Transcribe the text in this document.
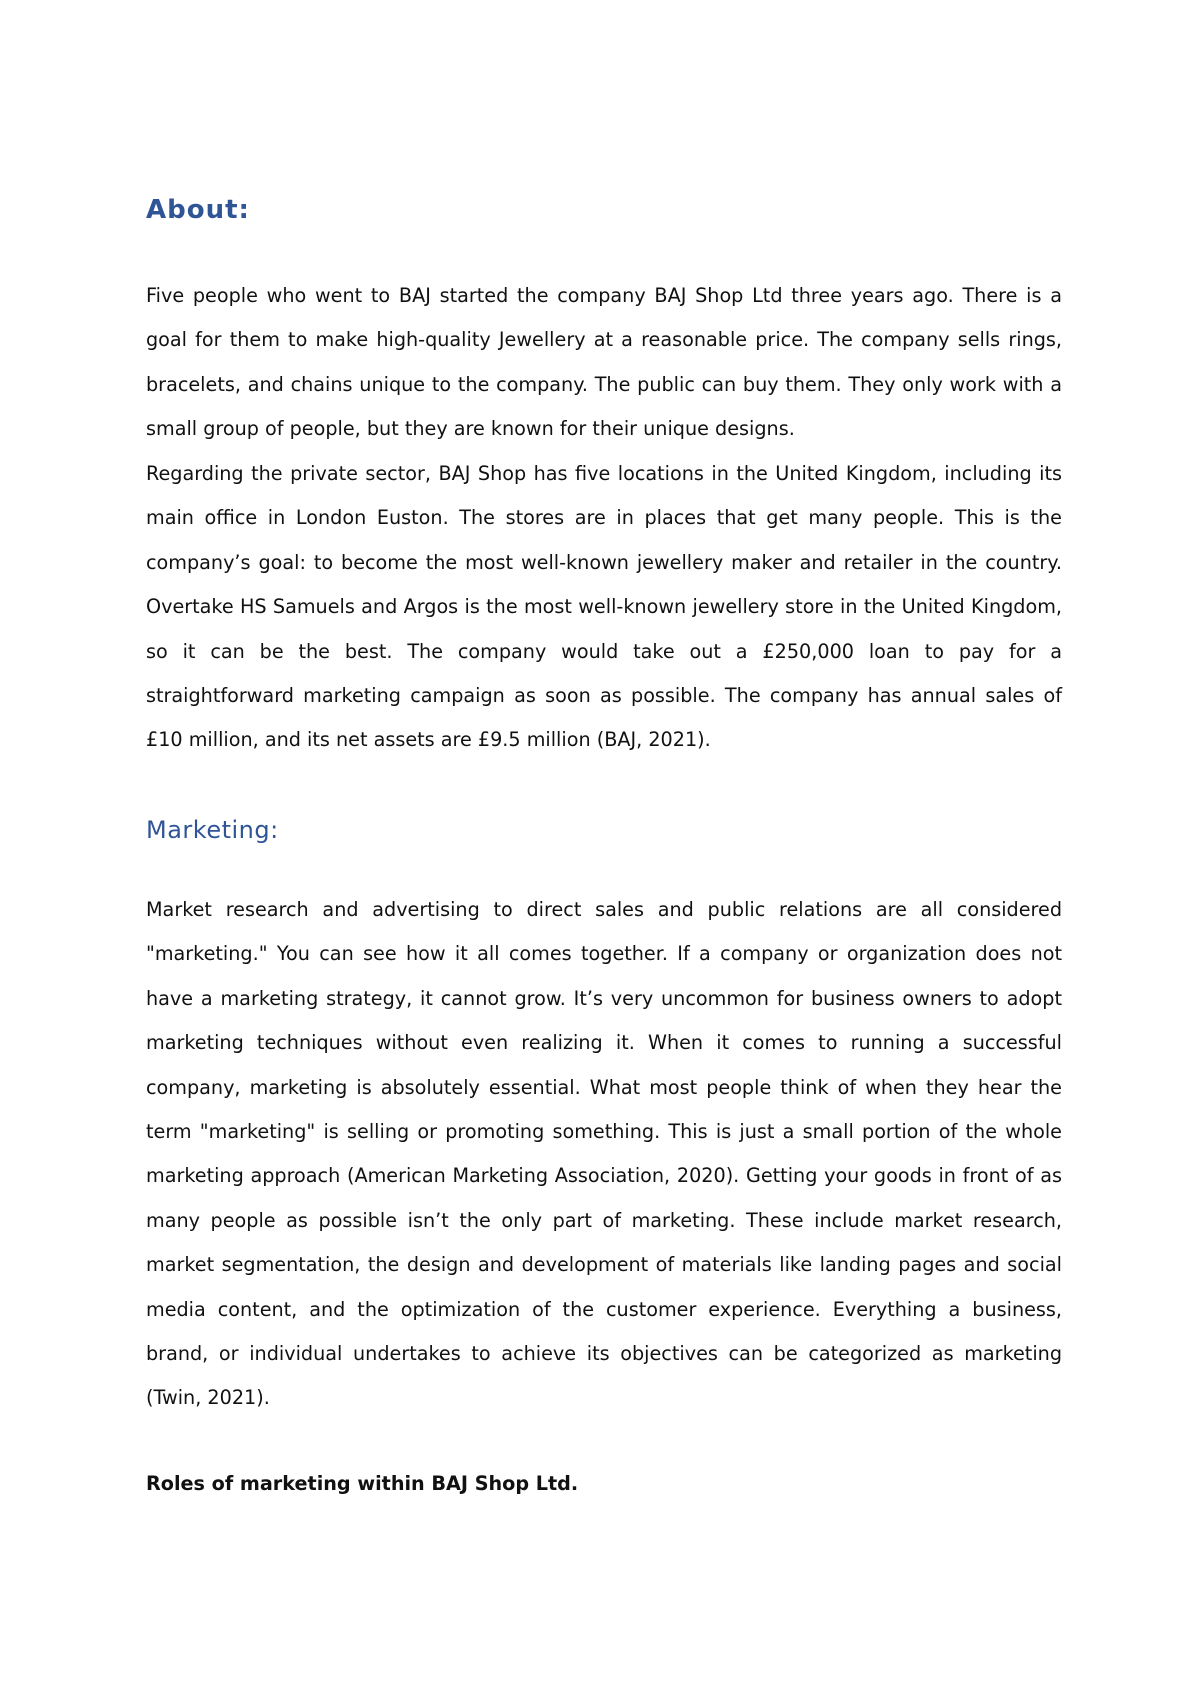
About:

Five people who went to BAJ started the company BAJ Shop Ltd three years ago. There is a goal for them to make high-quality Jewellery at a reasonable price. The company sells rings, bracelets, and chains unique to the company. The public can buy them. They only work with a small group of people, but they are known for their unique designs.

Regarding the private sector, BAJ Shop has five locations in the United Kingdom, including its main office in London Euston. The stores are in places that get many people. This is the company’s goal: to become the most well-known jewellery maker and retailer in the country. Overtake HS Samuels and Argos is the most well-known jewellery store in the United Kingdom, so it can be the best. The company would take out a £250,000 loan to pay for a straightforward marketing campaign as soon as possible. The company has annual sales of £10 million, and its net assets are £9.5 million (BAJ, 2021).

Marketing:

Market research and advertising to direct sales and public relations are all considered "marketing." You can see how it all comes together. If a company or organization does not have a marketing strategy, it cannot grow. It’s very uncommon for business owners to adopt marketing techniques without even realizing it. When it comes to running a successful company, marketing is absolutely essential. What most people think of when they hear the term "marketing" is selling or promoting something. This is just a small portion of the whole marketing approach (American Marketing Association, 2020). Getting your goods in front of as many people as possible isn’t the only part of marketing. These include market research, market segmentation, the design and development of materials like landing pages and social media content, and the optimization of the customer experience. Everything a business, brand, or individual undertakes to achieve its objectives can be categorized as marketing (Twin, 2021).

Roles of marketing within BAJ Shop Ltd.
